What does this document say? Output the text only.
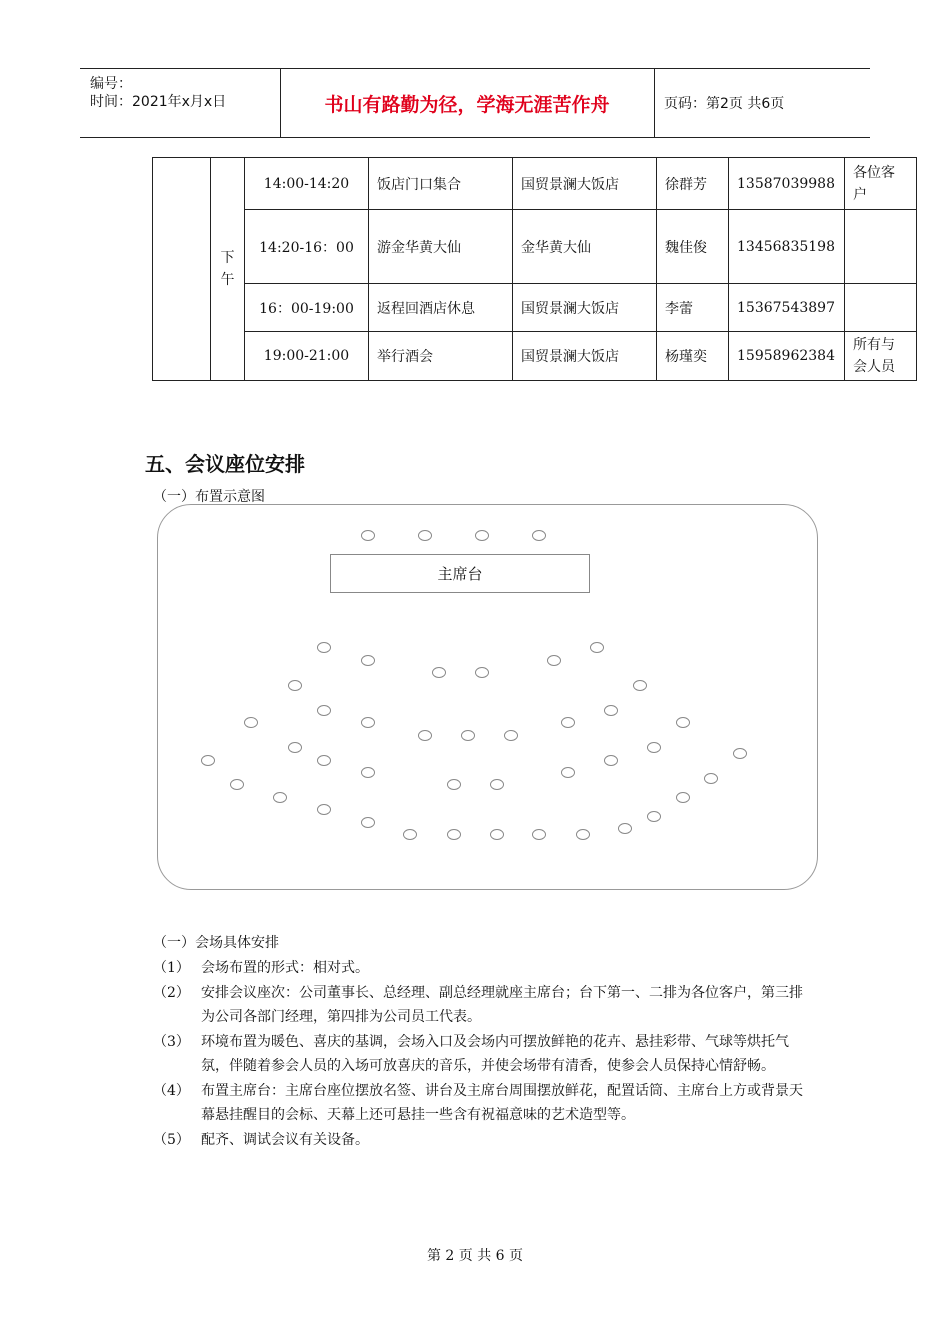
编号：
时间：2021年x月x日	书山有路勤为径，学海无涯苦作舟	页码：第2页 共6页
	下午	14:00-14:20	饭店门口集合	国贸景澜大饭店	徐群芳	13587039988	各位客户
		14:20-16：00	游金华黄大仙	金华黄大仙	魏佳俊	13456835198	
		16：00-19:00	返程回酒店休息	国贸景澜大饭店	李蕾	15367543897	
		19:00-21:00	举行酒会	国贸景澜大饭店	杨瑾奕	15958962384	所有与会人员
五、会议座位安排
（一）布置示意图
主席台
（一）会场具体安排
（1） 会场布置的形式：相对式。
（2） 安排会议座次：公司董事长、总经理、副总经理就座主席台；台下第一、二排为各位客户，第三排为公司各部门经理，第四排为公司员工代表。
（3） 环境布置为暖色、喜庆的基调，会场入口及会场内可摆放鲜艳的花卉、悬挂彩带、气球等烘托气氛，伴随着参会人员的入场可放喜庆的音乐，并使会场带有清香，使参会人员保持心情舒畅。
（4） 布置主席台：主席台座位摆放名签、讲台及主席台周围摆放鲜花，配置话筒、主席台上方或背景天幕悬挂醒目的会标、天幕上还可悬挂一些含有祝福意味的艺术造型等。
（5） 配齐、调试会议有关设备。
第 2 页 共 6 页
